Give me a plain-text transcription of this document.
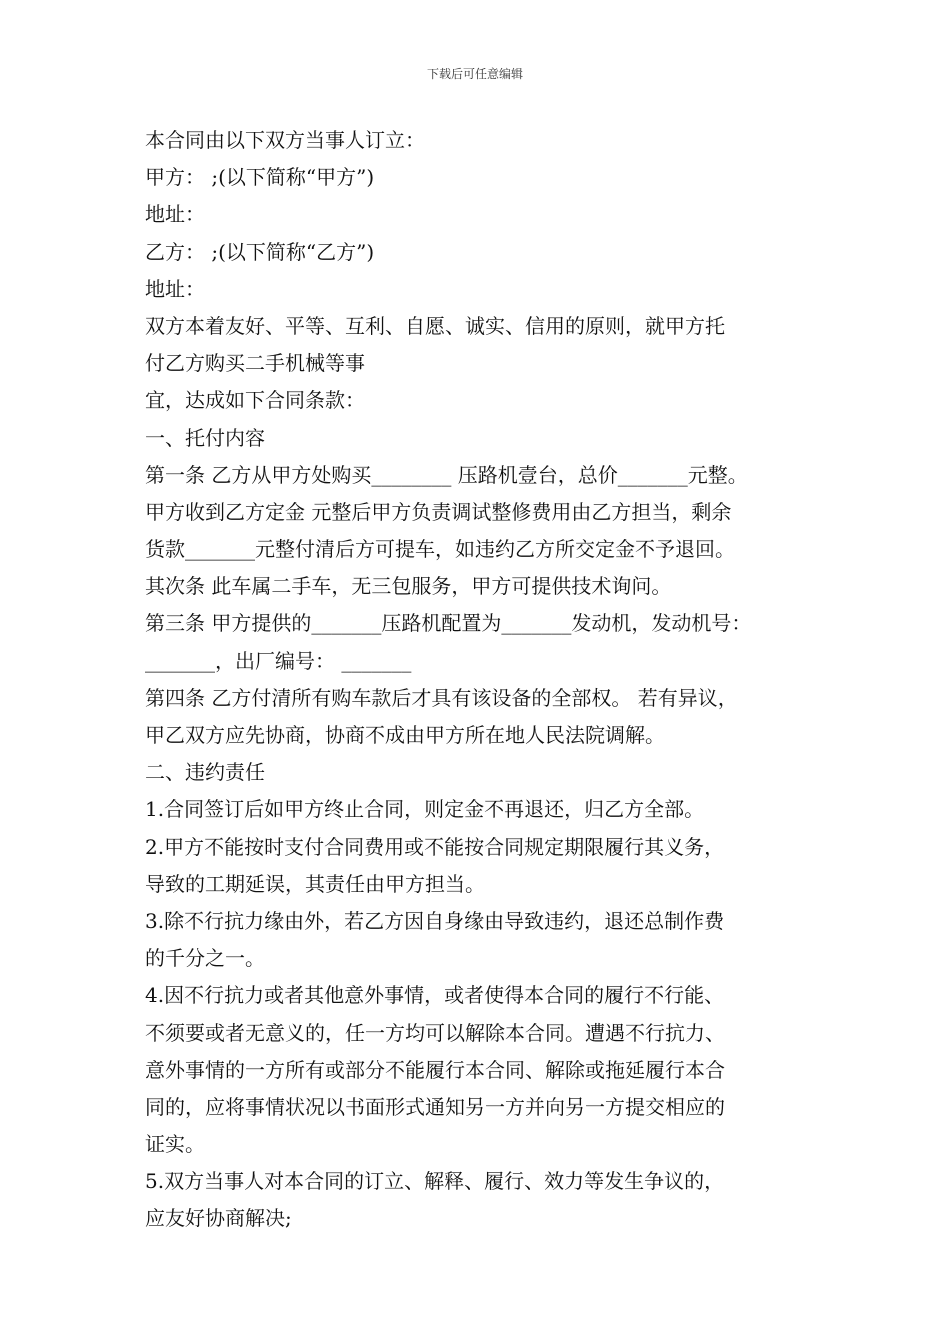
下载后可任意编辑

本合同由以下双方当事人订立：

甲方： ;(以下简称“甲方”)

地址：

乙方： ;(以下简称“乙方”)

地址：

双方本着友好、平等、互利、自愿、诚实、信用的原则，就甲方托

付乙方购买二手机械等事

宜，达成如下合同条款：

一、托付内容

第一条 乙方从甲方处购买________ 压路机壹台，总价_______元整。

甲方收到乙方定金 元整后甲方负责调试整修费用由乙方担当，剩余

货款_______元整付清后方可提车，如违约乙方所交定金不予退回。

其次条 此车属二手车，无三包服务，甲方可提供技术询问。

第三条 甲方提供的_______压路机配置为_______发动机，发动机号：

_______，出厂编号： _______

第四条 乙方付清所有购车款后才具有该设备的全部权。 若有异议，

甲乙双方应先协商，协商不成由甲方所在地人民法院调解。

二、违约责任

1.合同签订后如甲方终止合同，则定金不再退还，归乙方全部。

2.甲方不能按时支付合同费用或不能按合同规定期限履行其义务，

导致的工期延误，其责任由甲方担当。

3.除不行抗力缘由外，若乙方因自身缘由导致违约，退还总制作费

的千分之一。

4.因不行抗力或者其他意外事情，或者使得本合同的履行不行能、

不须要或者无意义的，任一方均可以解除本合同。遭遇不行抗力、

意外事情的一方所有或部分不能履行本合同、解除或拖延履行本合

同的，应将事情状况以书面形式通知另一方并向另一方提交相应的

证实。

5.双方当事人对本合同的订立、解释、履行、效力等发生争议的，

应友好协商解决;
